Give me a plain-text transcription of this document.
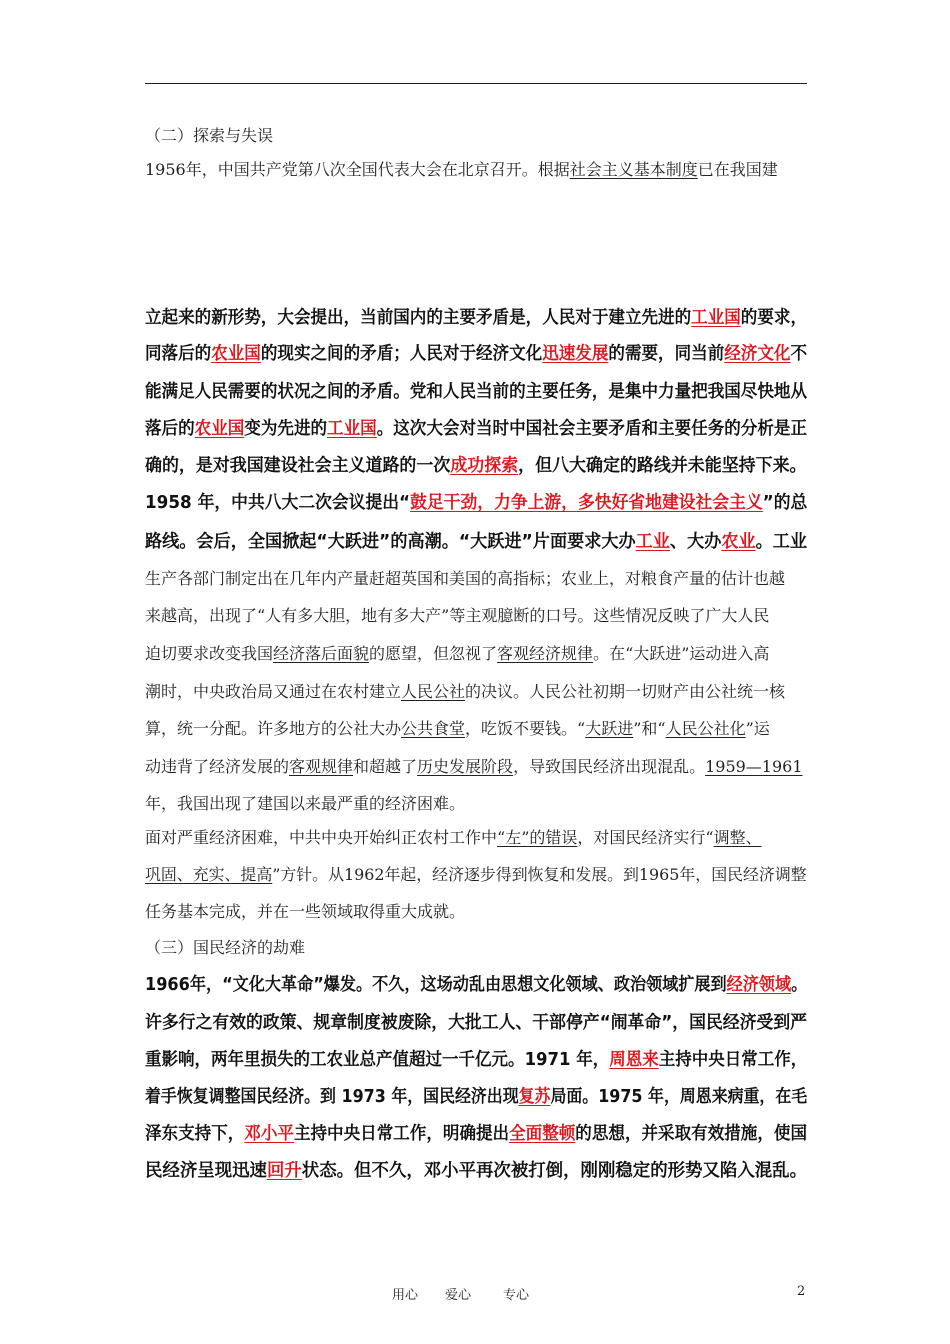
（二）探索与失误
1956年，中国共产党第八次全国代表大会在北京召开。根据社会主义基本制度已在我国建
立起来的新形势，大会提出，当前国内的主要矛盾是，人民对于建立先进的工业国的要求，
同落后的农业国的现实之间的矛盾；人民对于经济文化迅速发展的需要，同当前经济文化不
能满足人民需要的状况之间的矛盾。党和人民当前的主要任务，是集中力量把我国尽快地从
落后的农业国变为先进的工业国。这次大会对当时中国社会主要矛盾和主要任务的分析是正
确的，是对我国建设社会主义道路的一次成功探索，但八大确定的路线并未能坚持下来。
1958 年，中共八大二次会议提出“鼓足干劲，力争上游，多快好省地建设社会主义”的总
路线。会后，全国掀起“大跃进”的高潮。“大跃进”片面要求大办工业、大办农业。工业
生产各部门制定出在几年内产量赶超英国和美国的高指标；农业上，对粮食产量的估计也越
来越高，出现了“人有多大胆，地有多大产”等主观臆断的口号。这些情况反映了广大人民
迫切要求改变我国经济落后面貌的愿望，但忽视了客观经济规律。在“大跃进”运动进入高
潮时，中央政治局又通过在农村建立人民公社的决议。人民公社初期一切财产由公社统一核
算，统一分配。许多地方的公社大办公共食堂，吃饭不要钱。“大跃进”和“人民公社化”运
动违背了经济发展的客观规律和超越了历史发展阶段，导致国民经济出现混乱。1959—1961
年，我国出现了建国以来最严重的经济困难。
面对严重经济困难，中共中央开始纠正农村工作中“左”的错误，对国民经济实行“调整、
巩固、充实、提高”方针。从1962年起，经济逐步得到恢复和发展。到1965年，国民经济调整
任务基本完成，并在一些领域取得重大成就。
（三）国民经济的劫难
1966年，“文化大革命”爆发。不久，这场动乱由思想文化领域、政治领域扩展到经济领域。
许多行之有效的政策、规章制度被废除，大批工人、干部停产“闹革命”，国民经济受到严
重影响，两年里损失的工农业总产值超过一千亿元。1971 年，周恩来主持中央日常工作，
着手恢复调整国民经济。到 1973 年，国民经济出现复苏局面。1975 年，周恩来病重，在毛
泽东支持下，邓小平主持中央日常工作，明确提出全面整顿的思想，并采取有效措施，使国
民经济呈现迅速回升状态。但不久，邓小平再次被打倒，刚刚稳定的形势又陷入混乱。
用心 爱心 专心	2
